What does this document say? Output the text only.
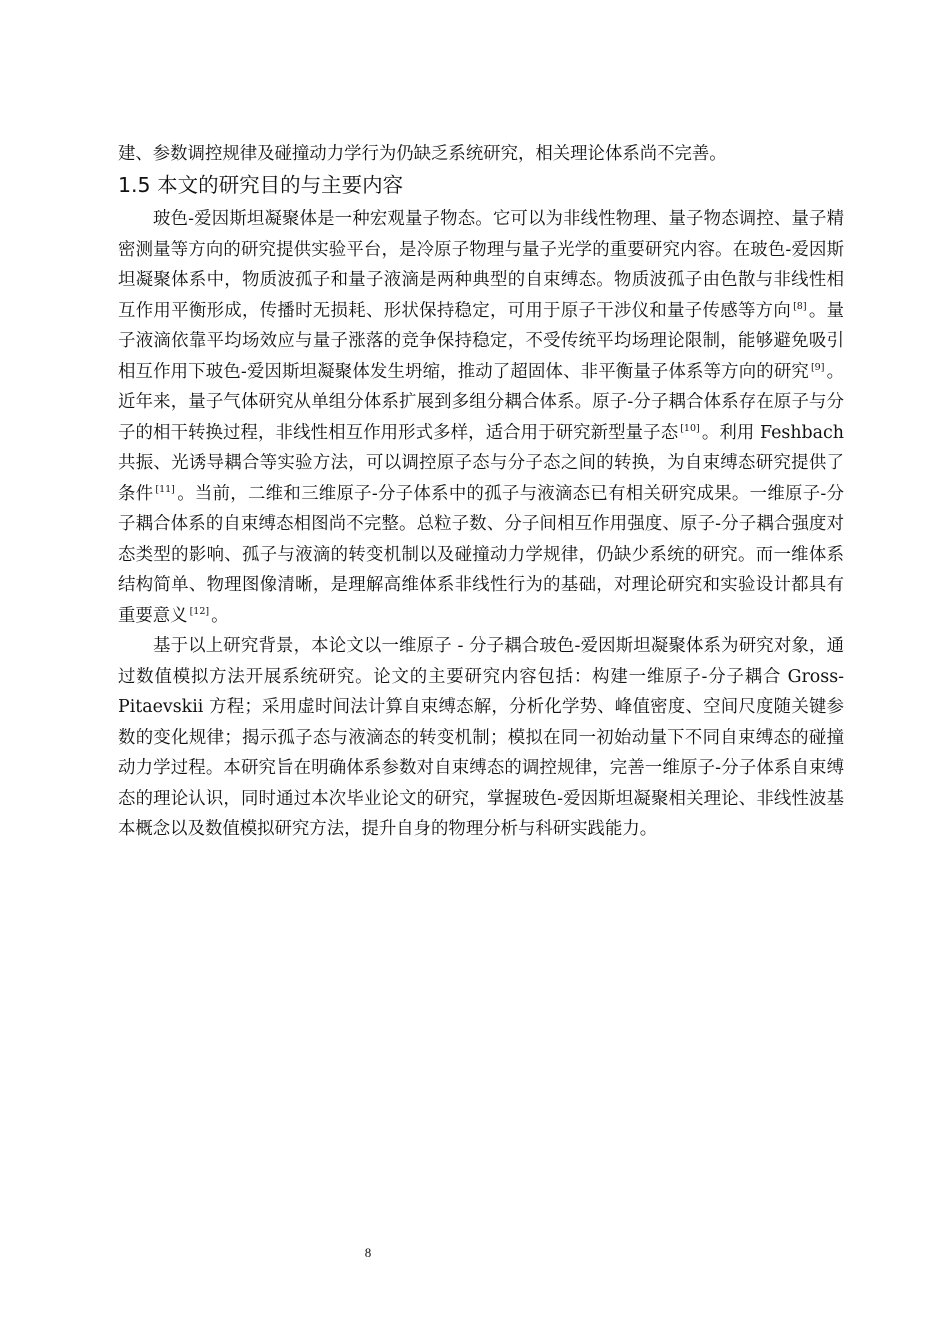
建、参数调控规律及碰撞动力学行为仍缺乏系统研究，相关理论体系尚不完善。

1.5 本文的研究目的与主要内容

玻色-爱因斯坦凝聚体是一种宏观量子物态。它可以为非线性物理、量子物态调控、量子精密测量等方向的研究提供实验平台，是冷原子物理与量子光学的重要研究内容。在玻色-爱因斯坦凝聚体系中，物质波孤子和量子液滴是两种典型的自束缚态。物质波孤子由色散与非线性相互作用平衡形成，传播时无损耗、形状保持稳定，可用于原子干涉仪和量子传感等方向 [8] 。量子液滴依靠平均场效应与量子涨落的竞争保持稳定，不受传统平均场理论限制，能够避免吸引相互作用下玻色-爱因斯坦凝聚体发生坍缩，推动了超固体、非平衡量子体系等方向的研究 [9] 。近年来，量子气体研究从单组分体系扩展到多组分耦合体系。原子-分子耦合体系存在原子与分子的相干转换过程，非线性相互作用形式多样，适合用于研究新型量子态 [10] 。利用 Feshbach 共振、光诱导耦合等实验方法，可以调控原子态与分子态之间的转换，为自束缚态研究提供了条件 [11] 。当前，二维和三维原子-分子体系中的孤子与液滴态已有相关研究成果。一维原子-分子耦合体系的自束缚态相图尚不完整。总粒子数、分子间相互作用强度、原子-分子耦合强度对态类型的影响、孤子与液滴的转变机制以及碰撞动力学规律，仍缺少系统的研究。而一维体系结构简单、物理图像清晰，是理解高维体系非线性行为的基础，对理论研究和实验设计都具有重要意义 [12] 。

基于以上研究背景，本论文以一维原子 - 分子耦合玻色-爱因斯坦凝聚体系为研究对象，通过数值模拟方法开展系统研究。论文的主要研究内容包括：构建一维原子-分子耦合 Gross-Pitaevskii 方程；采用虚时间法计算自束缚态解，分析化学势、峰值密度、空间尺度随关键参数的变化规律；揭示孤子态与液滴态的转变机制；模拟在同一初始动量下不同自束缚态的碰撞动力学过程。本研究旨在明确体系参数对自束缚态的调控规律，完善一维原子-分子体系自束缚态的理论认识，同时通过本次毕业论文的研究，掌握玻色-爱因斯坦凝聚相关理论、非线性波基本概念以及数值模拟研究方法，提升自身的物理分析与科研实践能力。

8
